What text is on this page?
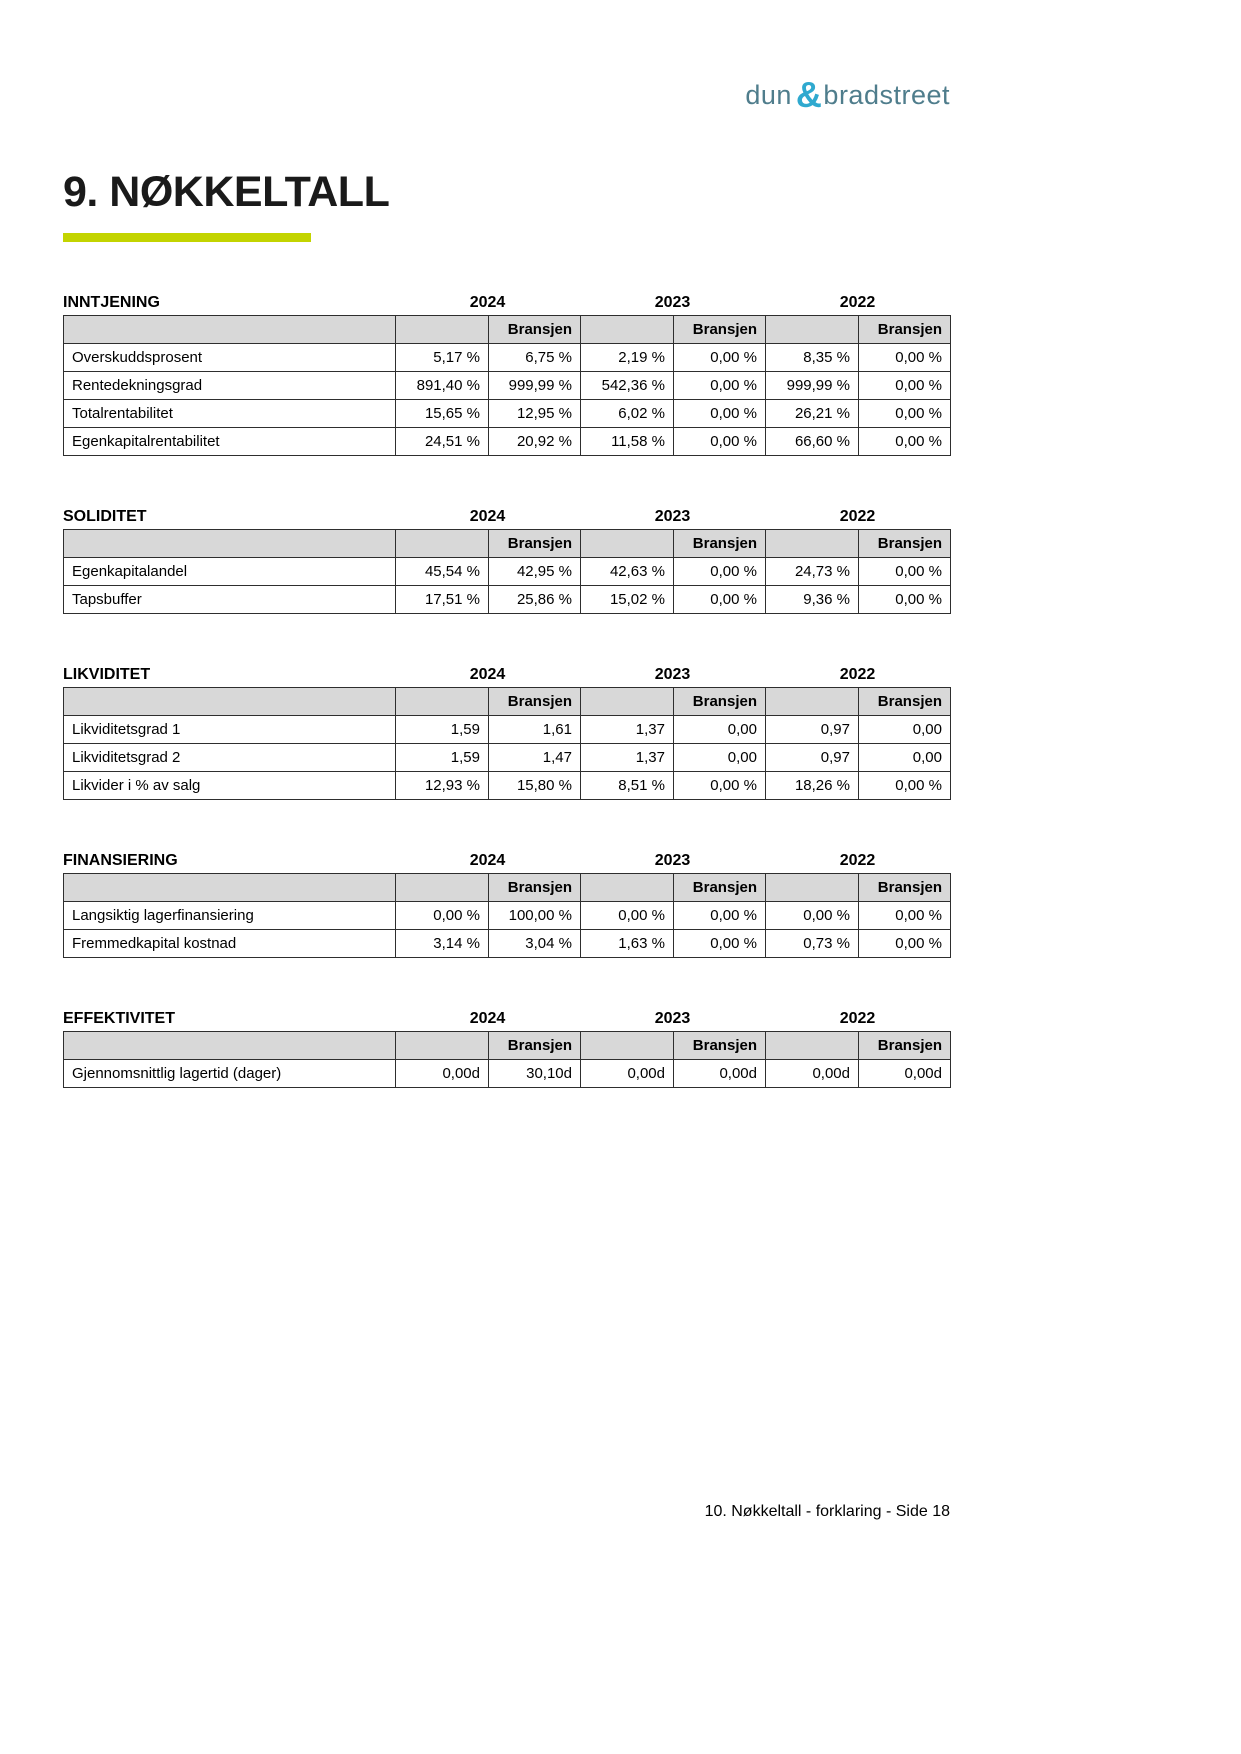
dun &bradstreet
9. NØKKELTALL
INNTJENING	2024	2023	2022
		Bransjen		Bransjen		Bransjen
Overskuddsprosent	5,17 %	6,75 %	2,19 %	0,00 %	8,35 %	0,00 %
Rentedekningsgrad	891,40 %	999,99 %	542,36 %	0,00 %	999,99 %	0,00 %
Totalrentabilitet	15,65 %	12,95 %	6,02 %	0,00 %	26,21 %	0,00 %
Egenkapitalrentabilitet	24,51 %	20,92 %	11,58 %	0,00 %	66,60 %	0,00 %
SOLIDITET	2024	2023	2022
		Bransjen		Bransjen		Bransjen
Egenkapitalandel	45,54 %	42,95 %	42,63 %	0,00 %	24,73 %	0,00 %
Tapsbuffer	17,51 %	25,86 %	15,02 %	0,00 %	9,36 %	0,00 %
LIKVIDITET	2024	2023	2022
		Bransjen		Bransjen		Bransjen
Likviditetsgrad 1	1,59	1,61	1,37	0,00	0,97	0,00
Likviditetsgrad 2	1,59	1,47	1,37	0,00	0,97	0,00
Likvider i % av salg	12,93 %	15,80 %	8,51 %	0,00 %	18,26 %	0,00 %
FINANSIERING	2024	2023	2022
		Bransjen		Bransjen		Bransjen
Langsiktig lagerfinansiering	0,00 %	100,00 %	0,00 %	0,00 %	0,00 %	0,00 %
Fremmedkapital kostnad	3,14 %	3,04 %	1,63 %	0,00 %	0,73 %	0,00 %
EFFEKTIVITET	2024	2023	2022
		Bransjen		Bransjen		Bransjen
Gjennomsnittlig lagertid (dager)	0,00d	30,10d	0,00d	0,00d	0,00d	0,00d
10. Nøkkeltall - forklaring - Side 18
